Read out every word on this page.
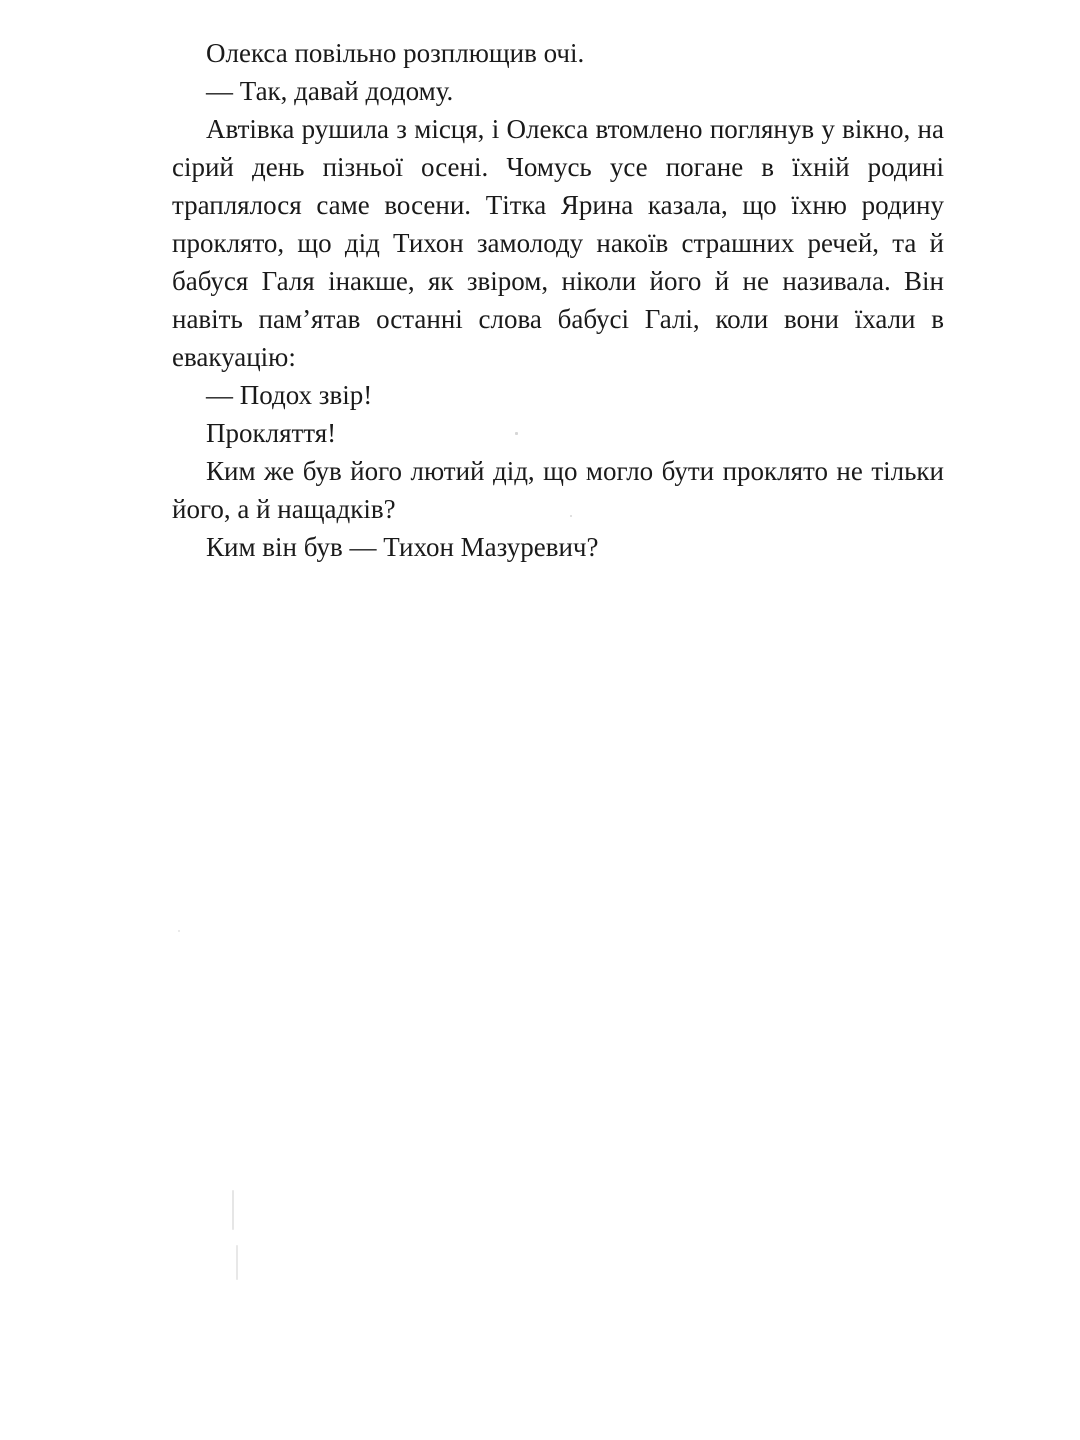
Олекса повільно розплющив очі.

— Так, давай додому.

Автівка рушила з місця, і Олекса втомлено поглянув у вікно, на сірий день пізньої осені. Чомусь усе погане в їхній родині траплялося саме восени. Тітка Ярина казала, що їхню родину проклято, що дід Тихон замолоду накоїв страшних речей, та й бабуся Галя інакше, як звіром, ніколи його й не називала. Він навіть пам’ятав останні слова бабусі Галі, коли вони їхали в евакуацію:

— Подох звір!

Прокляття!

Ким же був його лютий дід, що могло бути проклято не тільки його, а й нащадків?

Ким він був — Тихон Мазуревич?
